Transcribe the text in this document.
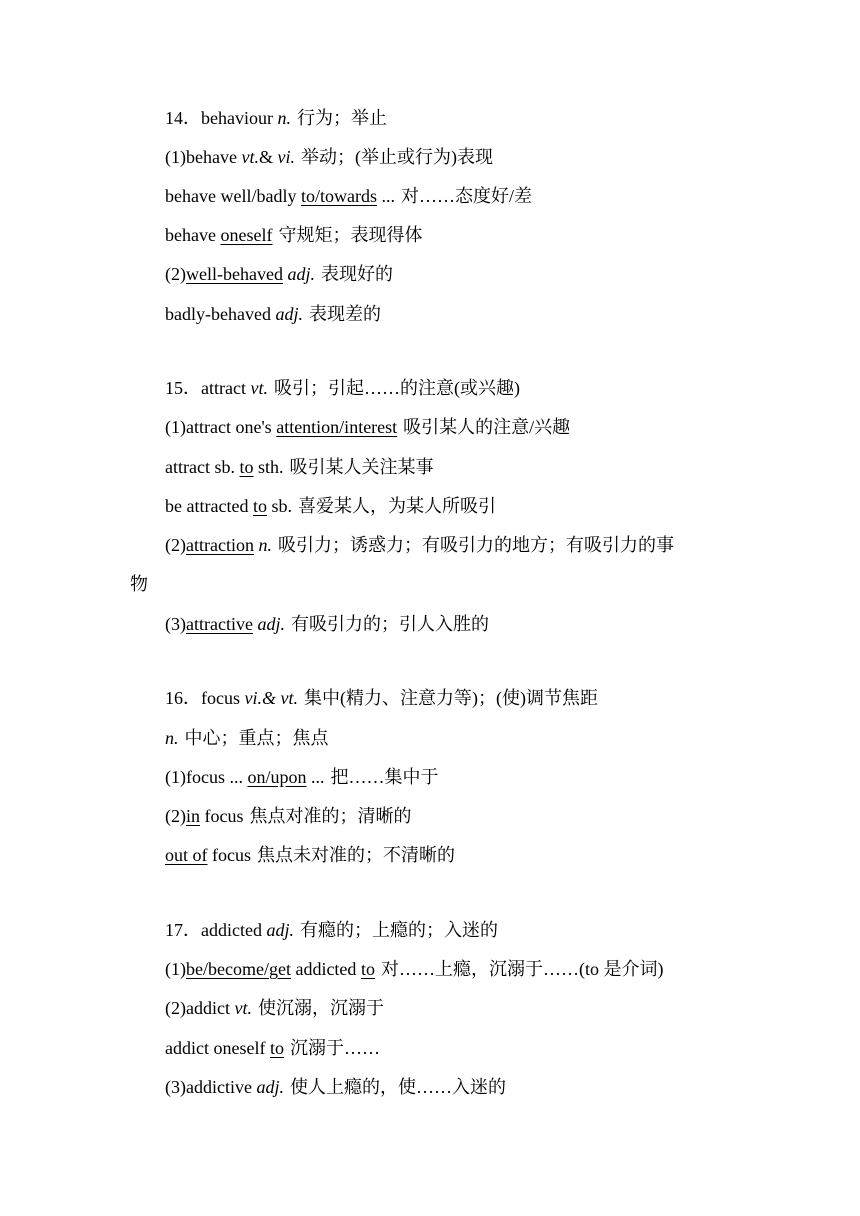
14．behaviour n. 行为；举止
(1)behave vt.& vi. 举动；(举止或行为)表现
behave well/badly to/towards ... 对……态度好/差
behave oneself 守规矩；表现得体
(2)well-behaved adj. 表现好的
badly-behaved adj. 表现差的
15．attract vt. 吸引；引起……的注意(或兴趣)
(1)attract one's attention/interest 吸引某人的注意/兴趣
attract sb. to sth. 吸引某人关注某事
be attracted to sb. 喜爱某人，为某人所吸引
(2)attraction n. 吸引力；诱惑力；有吸引力的地方；有吸引力的事
物
(3)attractive adj. 有吸引力的；引人入胜的
16．focus vi.& vt. 集中(精力、注意力等)；(使)调节焦距
n. 中心；重点；焦点
(1)focus ... on/upon ... 把……集中于
(2)in focus 焦点对准的；清晰的
out of focus 焦点未对准的；不清晰的
17．addicted adj. 有瘾的；上瘾的；入迷的
(1)be/become/get addicted to 对……上瘾，沉溺于……(to 是介词)
(2)addict vt. 使沉溺，沉溺于
addict oneself to 沉溺于……
(3)addictive adj. 使人上瘾的，使……入迷的
